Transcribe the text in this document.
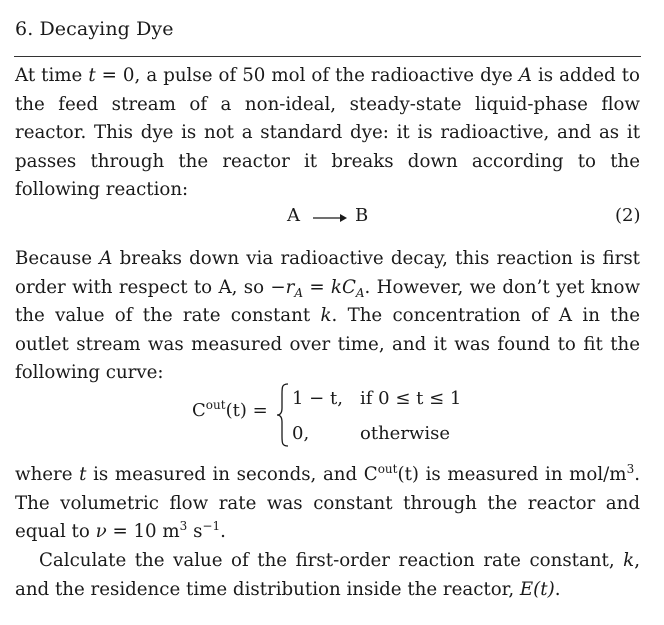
6. Decaying Dye
At time t = 0, a pulse of 50 mol of the radioactive dye A is added to the feed stream of a non-ideal, steady-state liquid-phase flow reactor. This dye is not a standard dye: it is radioactive, and as it passes through the reactor it breaks down according to the following reaction:
A → B	(2)
Because A breaks down via radioactive decay, this reaction is first order with respect to A, so $-r_A = kC_A$. However, we don’t yet know the value of the rate constant k. The concentration of A in the outlet stream was measured over time, and it was found to fit the following curve:
$C^{out}(t)$ =
1 − t, if 0 ≤ t ≤ 1
0,	otherwise
where t is measured in seconds, and $C^{out}(t)$ is measured in mol/$m^3$. The volumetric flow rate was constant through the reactor and equal to ν = 10 $m^3$ $s^{-1}$.
Calculate the value of the first-order reaction rate constant, k, and the residence time distribution inside the reactor, E(t).
